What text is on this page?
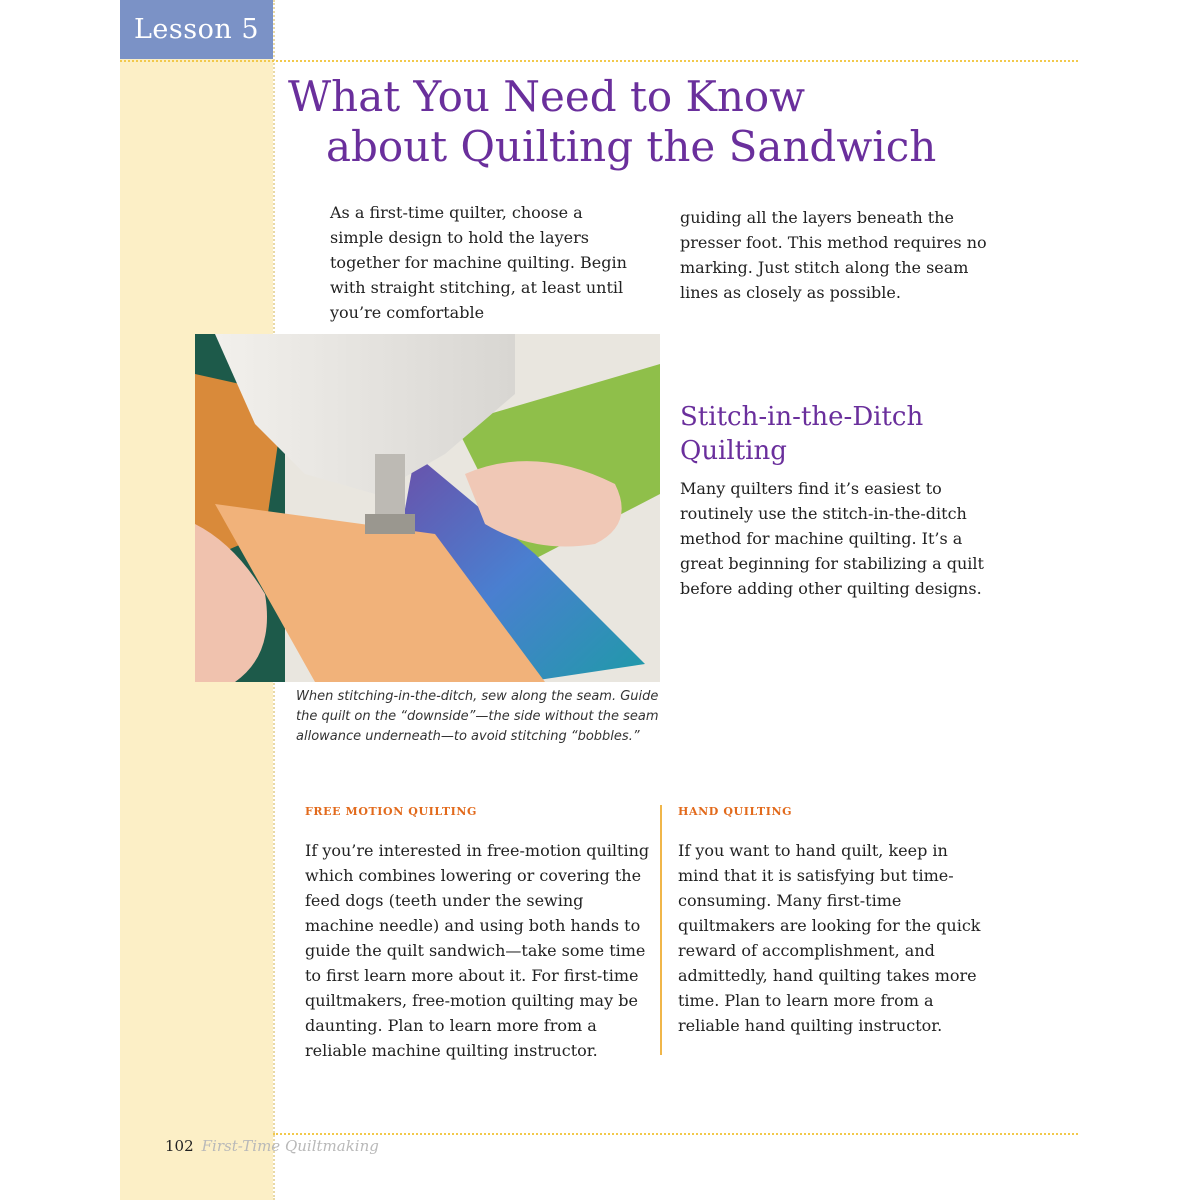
Lesson 5
What You Need to Know
about Quilting the Sandwich

As a first-time quilter, choose a simple design to hold the layers together for machine quilting. Begin with straight stitching, at least until you’re comfortable

guiding all the layers beneath the presser foot. This method requires no marking. Just stitch along the seam lines as closely as possible.

When stitching-in-the-ditch, sew along the seam. Guide the quilt on the “downside”—the side without the seam allowance underneath—to avoid stitching “bobbles.”

Stitch-in-the-Ditch Quilting

Many quilters find it’s easiest to routinely use the stitch-in-the-ditch method for machine quilting. It’s a great beginning for stabilizing a quilt before adding other quilting designs.

FREE MOTION QUILTING

If you’re interested in free-motion quilting which combines lowering or covering the feed dogs (teeth under the sewing machine needle) and using both hands to guide the quilt sandwich—take some time to first learn more about it. For first-time quiltmakers, free-motion quilting may be daunting. Plan to learn more from a reliable machine quilting instructor.

HAND QUILTING

If you want to hand quilt, keep in mind that it is satisfying but time-consuming. Many first-time quiltmakers are looking for the quick reward of accomplishment, and admittedly, hand quilting takes more time. Plan to learn more from a reliable hand quilting instructor.

102 First-Time Quiltmaking
